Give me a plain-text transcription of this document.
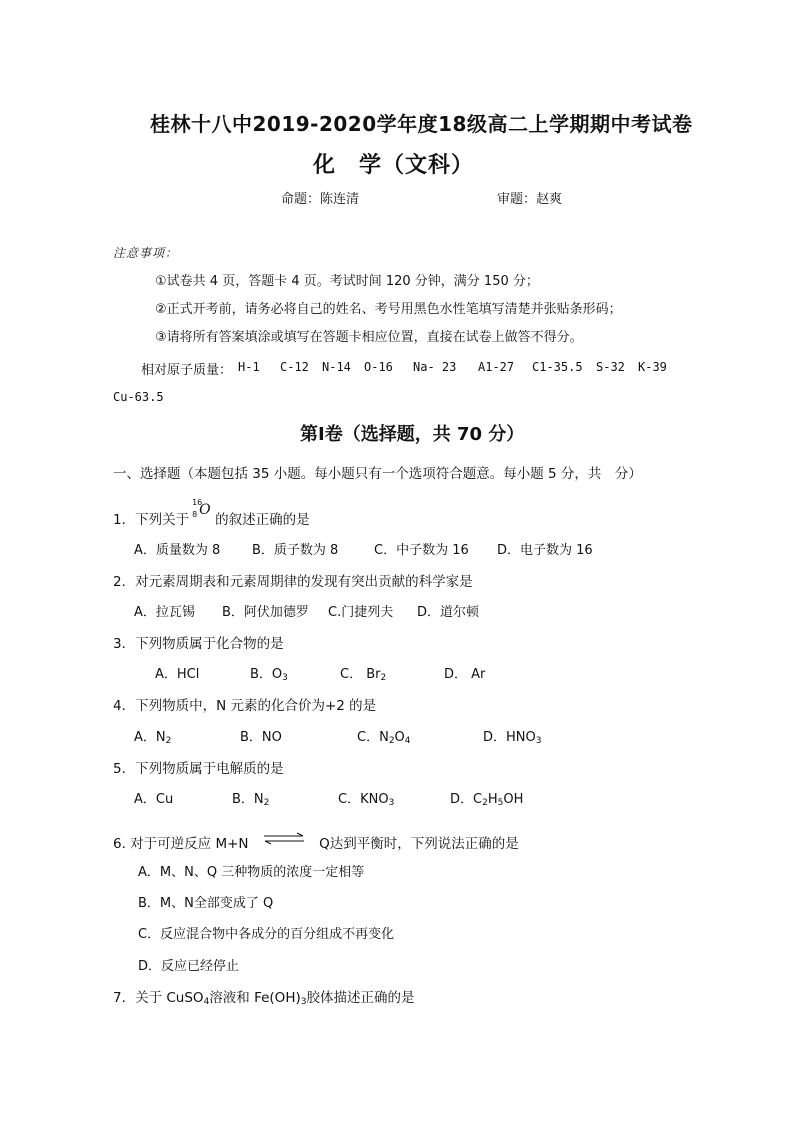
桂林十八中2019-2020学年度18级高二上学期期中考试卷
化　学（文科）
命题：陈连清	审题：赵爽
注意事项：
①试卷共 4 页，答题卡 4 页。考试时间 120 分钟，满分 150 分；
②正式开考前，请务必将自己的姓名、考号用黑色水性笔填写清楚并张贴条形码；
③请将所有答案填涂或填写在答题卡相应位置，直接在试卷上做答不得分。
相对原子质量： H-1 C-12 N-14 O-16 Na- 23 A1-27 C1-35.5 S-32 K-39
Cu-63.5
第Ⅰ卷（选择题，共 70 分）
一、选择题（本题包括 35 小题。每小题只有一个选项符合题意。每小题 5 分，共　分）
1．下列关于
16
8 O
的叙述正确的是
A．质量数为 8 B．质子数为 8	C．中子数为 16 D．电子数为 16
2．对元素周期表和元素周期律的发现有突出贡献的科学家是
A．拉瓦锡 B．阿伏加德罗 C.门捷列夫 D．道尔顿
3．下列物质属于化合物的是
A．HCl	B．$O_3$	C． $Br_2$	D． Ar
4．下列物质中，N 元素的化合价为+2 的是
A．$N_2$	B．NO	C．$N_2O_4$	D．$HNO_3$
5．下列物质属于电解质的是
A．Cu	B．$N_2$	C．$KNO_3$	D．$C_2H_5OH$
6. 对于可逆反应 M+N ⇌ Q达到平衡时，下列说法正确的是
A．M、N、Q 三种物质的浓度一定相等
B．M、N全部变成了 Q
C．反应混合物中各成分的百分组成不再变化
D．反应已经停止
7．关于 CuSO$_4$溶液和 $Fe(OH)_3$胶体描述正确的是
